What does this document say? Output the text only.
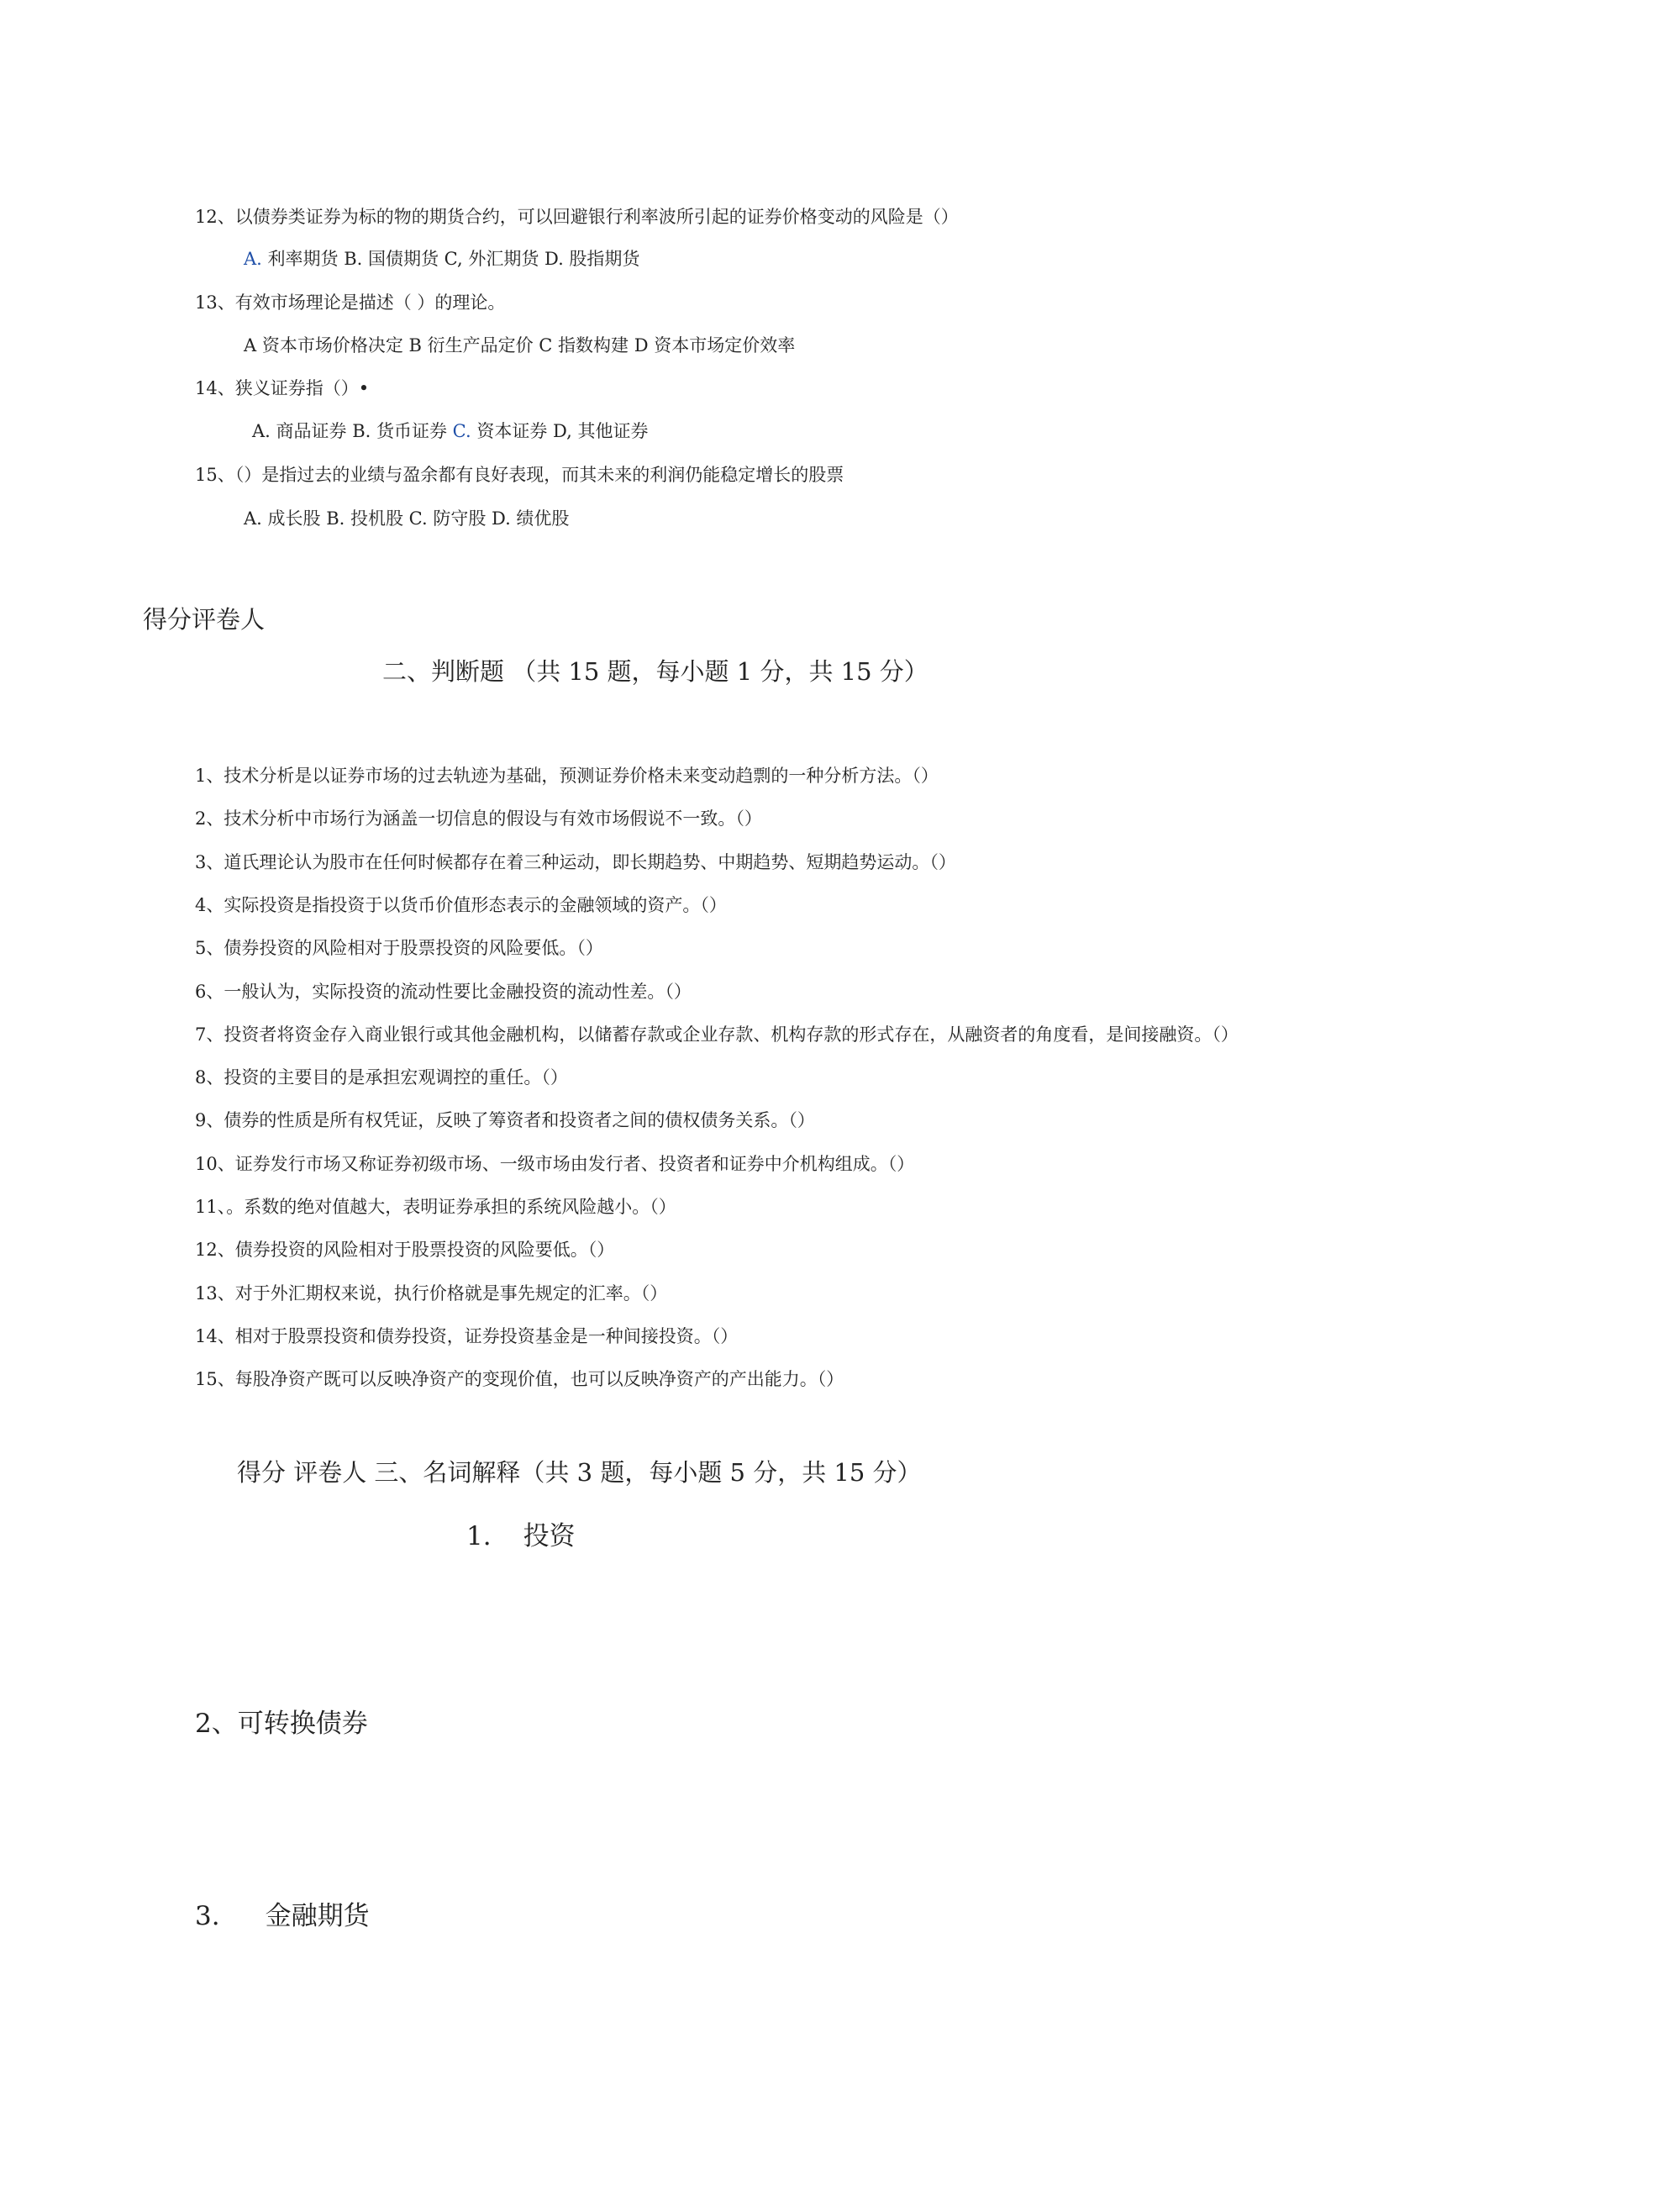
12、以债券类证券为标的物的期货合约，可以回避银行利率波所引起的证券价格变动的风险是（）
A. 利率期货 B. 国债期货 C, 外汇期货 D. 股指期货
13、有效市场理论是描述（ ）的理论。
A 资本市场价格决定 B 衍生产品定价 C 指数构建 D 资本市场定价效率
14、狭义证券指（）•
A. 商品证券 B. 货币证券 C. 资本证券 D, 其他证券
15、（）是指过去的业绩与盈余都有良好表现，而其未来的利润仍能稳定增长的股票
A. 成长股 B. 投机股 C. 防守股 D. 绩优股
得分评卷人
二、判断题 （共 15 题，每小题 1 分，共 15 分）
1、技术分析是以证券市场的过去轨迹为基础，预测证券价格未来变动趋剽的一种分析方法。（）
2、技术分析中市场行为涵盖一切信息的假设与有效市场假说不一致。（）
3、道氏理论认为股市在任何时候都存在着三种运动，即长期趋势、中期趋势、短期趋势运动。（）
4、实际投资是指投资于以货币价值形态表示的金融领域的资产。（）
5、债券投资的风险相对于股票投资的风险要低。（）
6、一般认为，实际投资的流动性要比金融投资的流动性差。（）
7、投资者将资金存入商业银行或其他金融机构，以储蓄存款或企业存款、机构存款的形式存在，从融资者的角度看，是间接融资。（）
8、投资的主要目的是承担宏观调控的重任。（）
9、债券的性质是所有权凭证，反映了筹资者和投资者之间的债权债务关系。（）
10、证券发行市场又称证券初级市场、一级市场由发行者、投资者和证券中介机构组成。（）
11、。系数的绝对值越大，表明证券承担的系统风险越小。（）
12、债券投资的风险相对于股票投资的风险要低。（）
13、对于外汇期权来说，执行价格就是事先规定的汇率。（）
14、相对于股票投资和债券投资，证券投资基金是一种间接投资。（）
15、每股净资产既可以反映净资产的变现价值，也可以反映净资产的产出能力。（）
得分 评卷人 三、名词解释（共 3 题，每小题 5 分，共 15 分）
1. 投资
2、可转换债券
3. 金融期货
